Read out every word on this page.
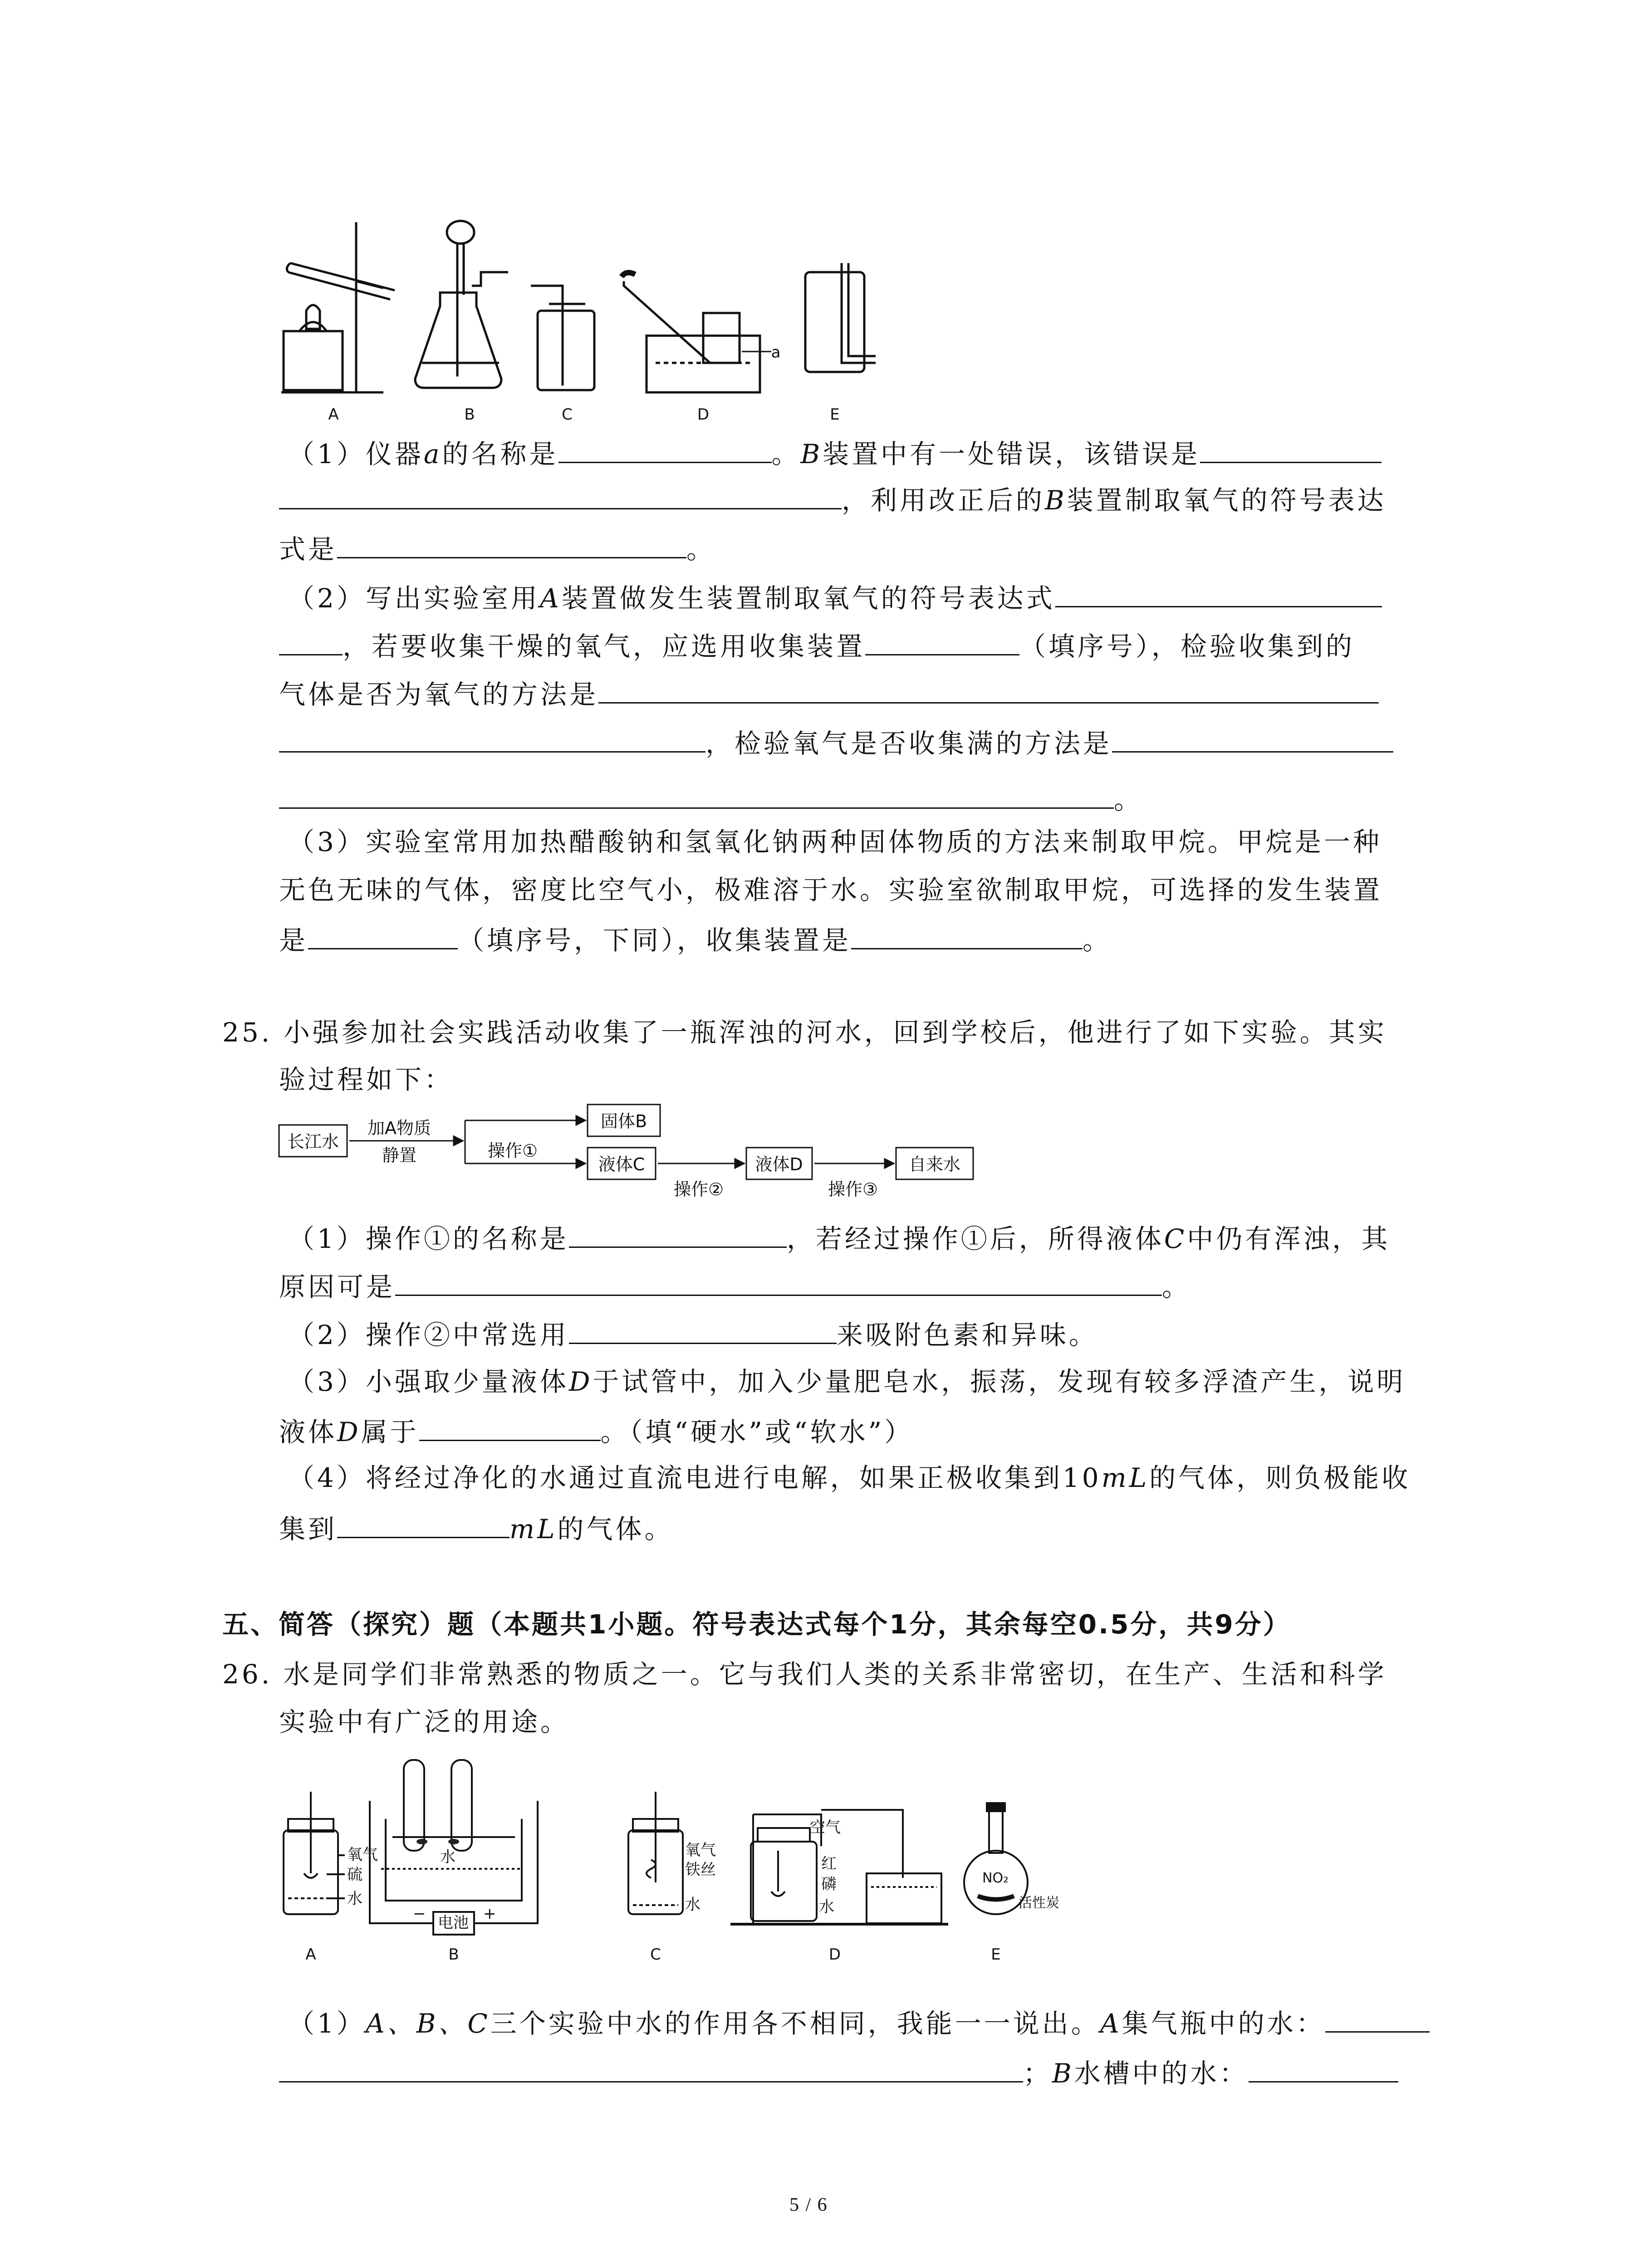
A	B	C	D	E
a
（1）仪器a的名称是	。B装置中有一处错误，该错误是
，利用改正后的B装置制取氧气的符号表达
式是	。
（2）写出实验室用A装置做发生装置制取氧气的符号表达式
，若要收集干燥的氧气，应选用收集装置	（填序号），检验收集到的
气体是否为氧气的方法是
，检验氧气是否收集满的方法是
。
（3）实验室常用加热醋酸钠和氢氧化钠两种固体物质的方法来制取甲烷。甲烷是一种
无色无味的气体，密度比空气小，极难溶于水。实验室欲制取甲烷，可选择的发生装置
是	（填序号，下同），收集装置是	。
25. 小强参加社会实践活动收集了一瓶浑浊的河水，回到学校后，他进行了如下实验。其实
验过程如下：
长江水
加A物质
静置	操作①
固体B
液体C
操作②
液体D
操作③
自来水
（1）操作①的名称是	，若经过操作①后，所得液体C中仍有浑浊，其
原因可是	。
（2）操作②中常选用	来吸附色素和异味。
（3）小强取少量液体D于试管中，加入少量肥皂水，振荡，发现有较多浮渣产生，说明
液体D属于	。（填“硬水”或“软水”）
（4）将经过净化的水通过直流电进行电解，如果正极收集到10mL的气体，则负极能收
集到	mL的气体。
五、简答（探究）题（本题共1小题。符号表达式每个1分，其余每空0.5分，共9分）
26. 水是同学们非常熟悉的物质之一。它与我们人类的关系非常密切，在生产、生活和科学
实验中有广泛的用途。
氧气
硫
水
水
电池
−	+
氧气
铁丝
水
空气
红
磷
水
NO₂
活性炭
A	B	C	D	E
（1）A、B、C三个实验中水的作用各不相同，我能一一说出。A集气瓶中的水：
；B水槽中的水：
5 / 6
